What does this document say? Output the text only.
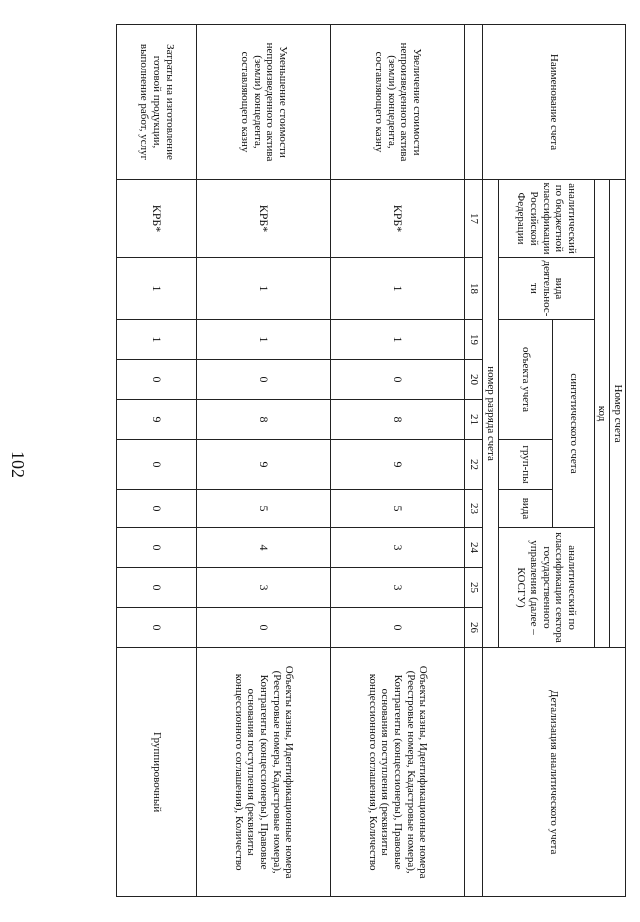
102
Наименование счета	Номер счета										Детализация аналитического учета
	код										
	аналитический по бюджетной классификации Российской Федерации	вида деятельнос-ти	синтетического счета					аналитический по классификации сектора государственного управления (далее – КОСГУ)			
			объекта учета			груп-пы	вида				
	номер разряда счета										
	17	18	19	20	21	22	23	24	25	26	
Увеличение стоимости непроизведенного актива (земли) концедента, составляющего казну	КРБ*	1	1	0	8	9	5	3	3	0	Объекты казны, Идентификационные номера (Реестровые номера, Кадастровые номера), Контрагенты (концессионеры), Правовые основания поступления (реквизиты концессионного соглашения), Количество
Уменьшение стоимости непроизведенного актива (земли) концедента, составляющего казну	КРБ*	1	1	0	8	9	5	4	3	0	Объекты казны, Идентификационные номера (Реестровые номера, Кадастровые номера), Контрагенты (концессионеры), Правовые основания поступления (реквизиты концессионного соглашения), Количество
Затраты на изготовление готовой продукции, выполнение работ, услуг	КРБ*	1	1	0	9	0	0	0	0	0	Группировочный
